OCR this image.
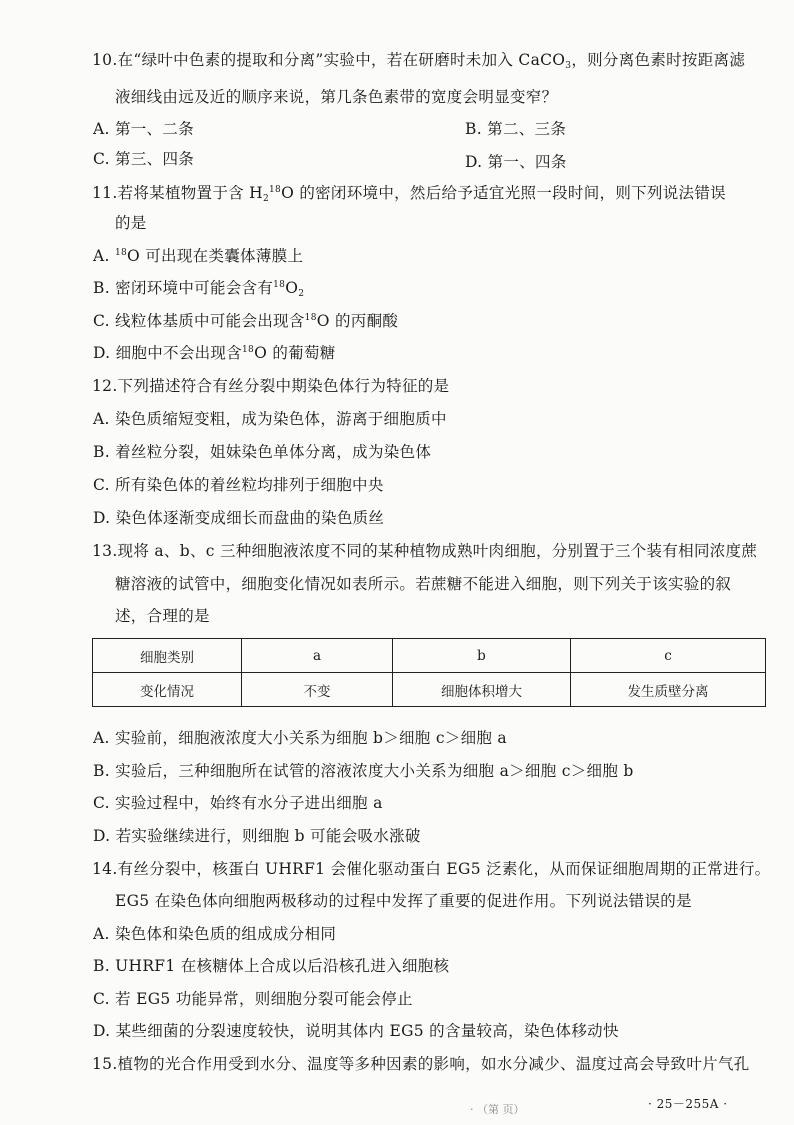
10.在“绿叶中色素的提取和分离”实验中，若在研磨时未加入 CaCO$_3$，则分离色素时按距离滤
液细线由远及近的顺序来说，第几条色素带的宽度会明显变窄？
A. 第一、二条	B. 第二、三条
C. 第三、四条	D. 第一、四条
11.若将某植物置于含 $H_2^{18}O$ 的密闭环境中，然后给予适宜光照一段时间，则下列说法错误
的是
A. $^{18}$O 可出现在类囊体薄膜上
B. 密闭环境中可能会含有$^{18}O_2$
C. 线粒体基质中可能会出现含$^{18}$O 的丙酮酸
D. 细胞中不会出现含$^{18}$O 的葡萄糖
12.下列描述符合有丝分裂中期染色体行为特征的是
A. 染色质缩短变粗，成为染色体，游离于细胞质中
B. 着丝粒分裂，姐妹染色单体分离，成为染色体
C. 所有染色体的着丝粒均排列于细胞中央
D. 染色体逐渐变成细长而盘曲的染色质丝
13.现将 a、b、c 三种细胞液浓度不同的某种植物成熟叶肉细胞，分别置于三个装有相同浓度蔗
糖溶液的试管中，细胞变化情况如表所示。若蔗糖不能进入细胞，则下列关于该实验的叙
述，合理的是
细胞类别	a	b	c
变化情况	不变	细胞体积增大	发生质壁分离
A. 实验前，细胞液浓度大小关系为细胞 b＞细胞 c＞细胞 a
B. 实验后，三种细胞所在试管的溶液浓度大小关系为细胞 a＞细胞 c＞细胞 b
C. 实验过程中，始终有水分子进出细胞 a
D. 若实验继续进行，则细胞 b 可能会吸水涨破
14.有丝分裂中，核蛋白 UHRF1 会催化驱动蛋白 EG5 泛素化，从而保证细胞周期的正常进行。
EG5 在染色体向细胞两极移动的过程中发挥了重要的促进作用。下列说法错误的是
A. 染色体和染色质的组成成分相同
B. UHRF1 在核糖体上合成以后沿核孔进入细胞核
C. 若 EG5 功能异常，则细胞分裂可能会停止
D. 某些细菌的分裂速度较快，说明其体内 EG5 的含量较高，染色体移动快
15.植物的光合作用受到水分、温度等多种因素的影响，如水分减少、温度过高会导致叶片气孔
· （第 页）	· 25－255A ·
